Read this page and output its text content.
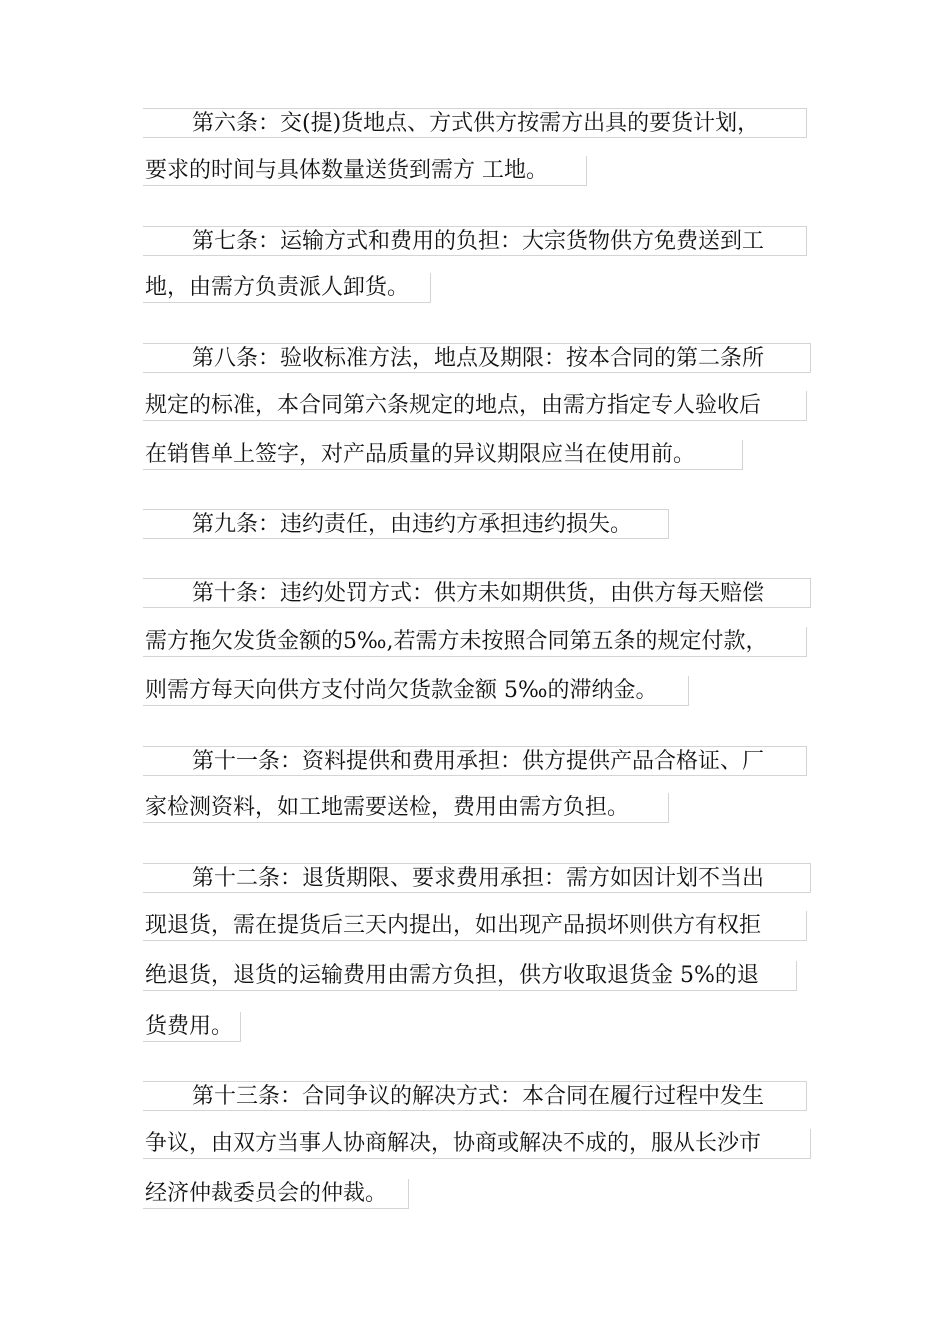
第六条：交(提)货地点、方式供方按需方出具的要货计划，
要求的时间与具体数量送货到需方 工地。
第七条：运输方式和费用的负担：大宗货物供方免费送到工
地，由需方负责派人卸货。
第八条：验收标准方法，地点及期限：按本合同的第二条所
规定的标准，本合同第六条规定的地点，由需方指定专人验收后
在销售单上签字，对产品质量的异议期限应当在使用前。
第九条：违约责任，由违约方承担违约损失。
第十条：违约处罚方式：供方未如期供货，由供方每天赔偿
需方拖欠发货金额的5‰,若需方未按照合同第五条的规定付款，
则需方每天向供方支付尚欠货款金额 5‰的滞纳金。
第十一条：资料提供和费用承担：供方提供产品合格证、厂
家检测资料，如工地需要送检，费用由需方负担。
第十二条：退货期限、要求费用承担：需方如因计划不当出
现退货，需在提货后三天内提出，如出现产品损坏则供方有权拒
绝退货，退货的运输费用由需方负担，供方收取退货金 5%的退
货费用。
第十三条：合同争议的解决方式：本合同在履行过程中发生
争议，由双方当事人协商解决，协商或解决不成的，服从长沙市
经济仲裁委员会的仲裁。
